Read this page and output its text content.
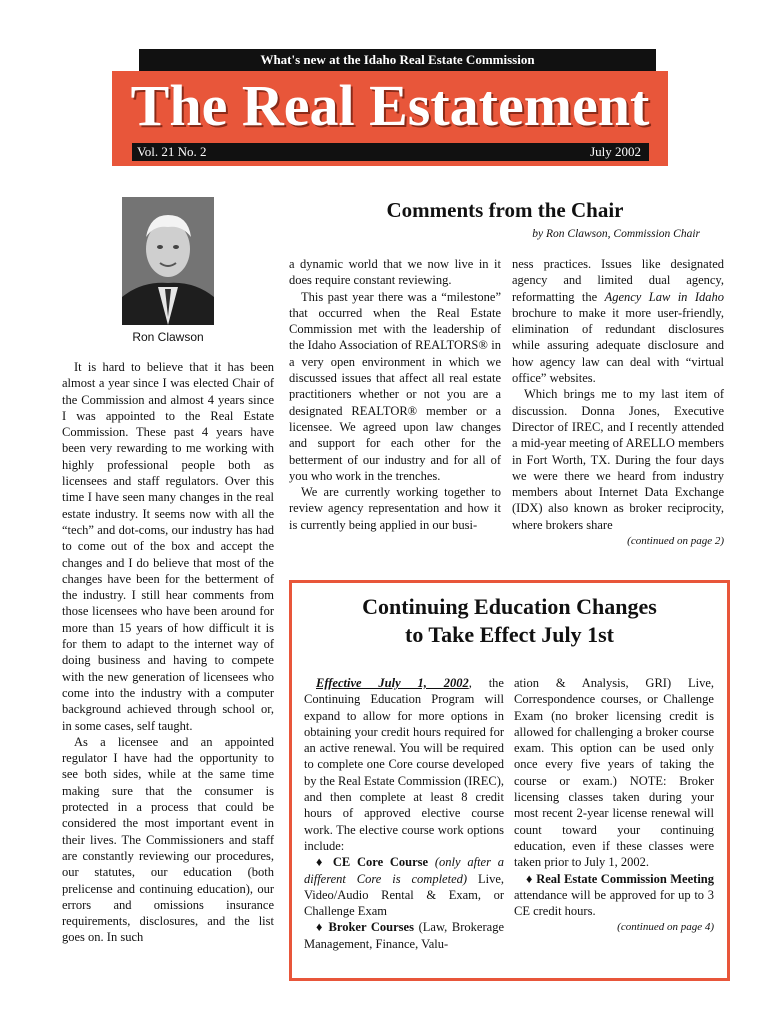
What's new at the Idaho Real Estate Commission
The Real Estatement
Vol. 21 No. 2	July 2002
Comments from the Chair
by Ron Clawson, Commission Chair
Ron Clawson

It is hard to believe that it has been almost a year since I was elected Chair of the Commission and almost 4 years since I was appointed to the Real Estate Commission. These past 4 years have been very rewarding to me working with highly professional people both as licensees and staff regulators. Over this time I have seen many changes in the real estate industry. It seems now with all the “tech” and dot-coms, our industry has had to come out of the box and accept the changes and I do believe that most of the changes have been for the betterment of the industry. I still hear comments from those licensees who have been around for more than 15 years of how difficult it is for them to adapt to the internet way of doing business and having to compete with the new generation of licensees who come into the industry with a computer background achieved through school or, in some cases, self taught.

As a licensee and an appointed regulator I have had the opportunity to see both sides, while at the same time making sure that the consumer is protected in a process that could be considered the most important event in their lives. The Commissioners and staff are constantly reviewing our procedures, our statutes, our education (both prelicense and continuing education), our errors and omissions insurance requirements, disclosures, and the list goes on. In such

a dynamic world that we now live in it does require constant reviewing.

This past year there was a “milestone” that occurred when the Real Estate Commission met with the leadership of the Idaho Association of REALTORS® in a very open environment in which we discussed issues that affect all real estate practitioners whether or not you are a designated REALTOR® member or a licensee. We agreed upon law changes and support for each other for the betterment of our industry and for all of you who work in the trenches.

We are currently working together to review agency representation and how it is currently being applied in our busi-

ness practices. Issues like designated agency and limited dual agency, reformatting the Agency Law in Idaho brochure to make it more user-friendly, elimination of redundant disclosures while assuring adequate disclosure and how agency law can deal with “virtual office” websites.

Which brings me to my last item of discussion. Donna Jones, Executive Director of IREC, and I recently attended a mid-year meeting of ARELLO members in Fort Worth, TX. During the four days we were there we heard from industry members about Internet Data Exchange (IDX) also known as broker reciprocity, where brokers share

(continued on page 2)
Continuing Education Changes
to Take Effect July 1st

Effective July 1, 2002, the Continuing Education Program will expand to allow for more options in obtaining your credit hours required for an active renewal. You will be required to complete one Core course developed by the Real Estate Commission (IREC), and then complete at least 8 credit hours of approved elective course work. The elective course work options include:

♦ CE Core Course (only after a different Core is completed) Live, Video/Audio Rental & Exam, or Challenge Exam

♦ Broker Courses (Law, Brokerage Management, Finance, Valu-

ation & Analysis, GRI) Live, Correspondence courses, or Challenge Exam (no broker licensing credit is allowed for challenging a broker course exam. This option can be used only once every five years of taking the course or exam.) NOTE: Broker licensing classes taken during your most recent 2-year license renewal will count toward your continuing education, even if these classes were taken prior to July 1, 2002.

♦ Real Estate Commission Meeting attendance will be approved for up to 3 CE credit hours.

(continued on page 4)
